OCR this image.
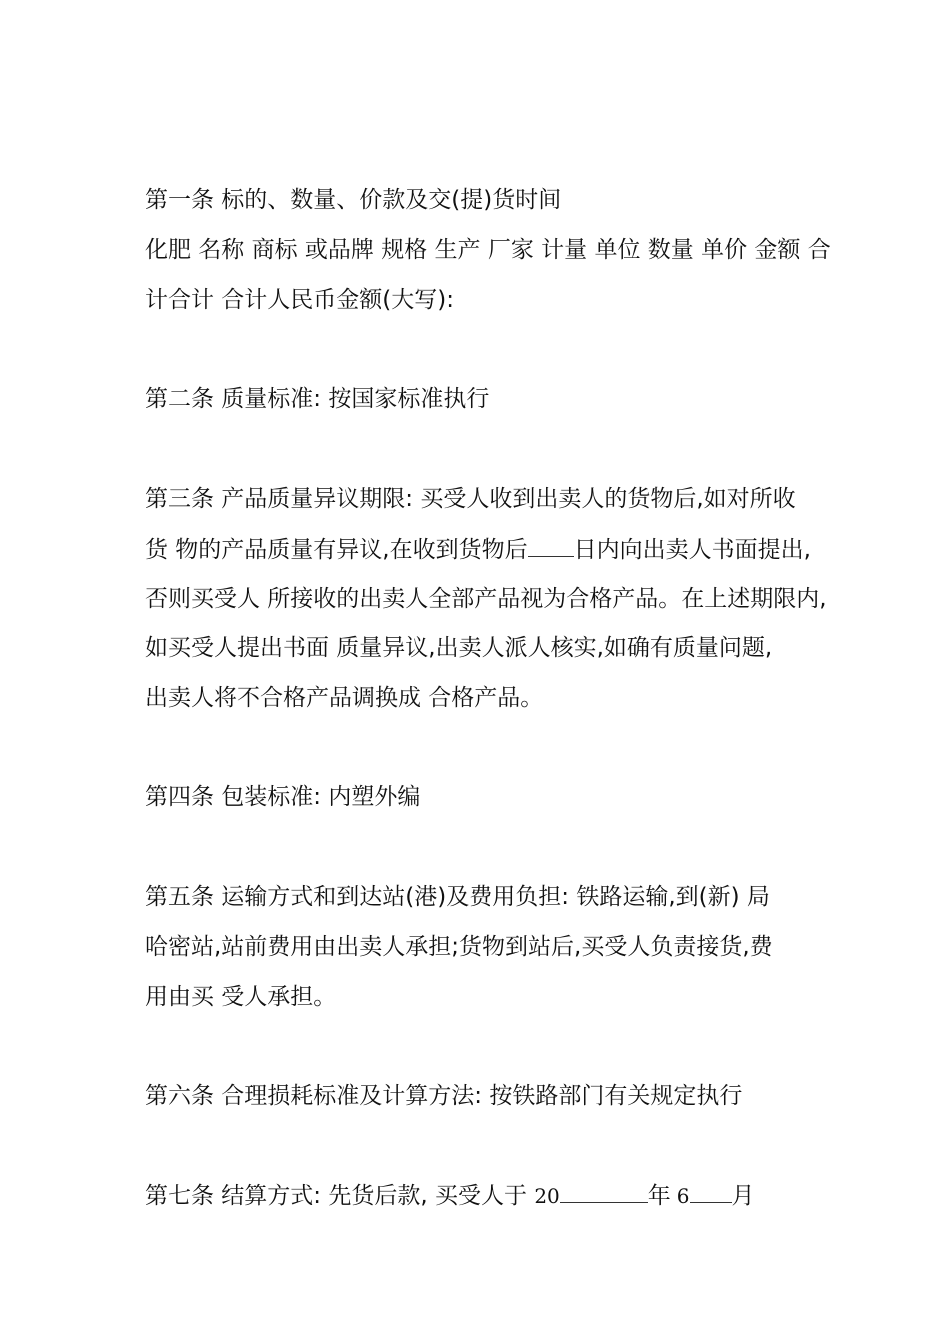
第一条 标的、数量、价款及交(提)货时间
化肥 名称 商标 或品牌 规格 生产 厂家 计量 单位 数量 单价 金额 合
计合计 合计人民币金额(大写):
第二条 质量标准: 按国家标准执行
第三条 产品质量异议期限: 买受人收到出卖人的货物后,如对所收
货 物的产品质量有异议,在收到货物后 日内向出卖人书面提出,
否则买受人 所接收的出卖人全部产品视为合格产品。在上述期限内,
如买受人提出书面 质量异议,出卖人派人核实,如确有质量问题,
出卖人将不合格产品调换成 合格产品。
第四条 包装标准: 内塑外编
第五条 运输方式和到达站(港)及费用负担: 铁路运输,到(新) 局
哈密站,站前费用由出卖人承担;货物到站后,买受人负责接货,费
用由买 受人承担。
第六条 合理损耗标准及计算方法: 按铁路部门有关规定执行
第七条 结算方式: 先货后款, 买受人于 20	年 6 月
